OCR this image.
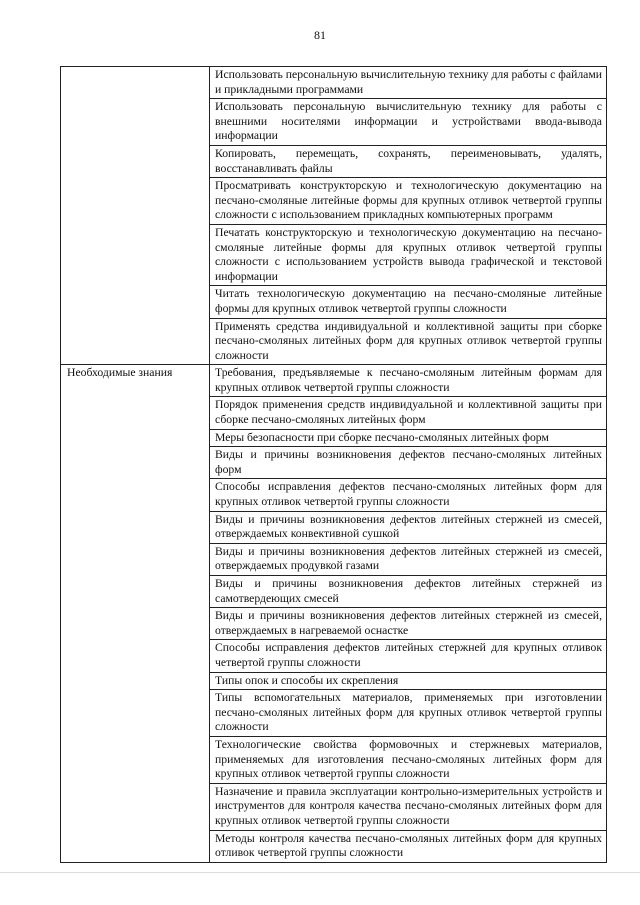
81
	Использовать персональную вычислительную технику для работы с файлами и прикладными программами
	Использовать персональную вычислительную технику для работы с внешними носителями информации и устройствами ввода-вывода информации
	Копировать, перемещать, сохранять, переименовывать, удалять, восстанавливать файлы
	Просматривать конструкторскую и технологическую документацию на песчано-смоляные литейные формы для крупных отливок четвертой группы сложности с использованием прикладных компьютерных программ
	Печатать конструкторскую и технологическую документацию на песчано-смоляные литейные формы для крупных отливок четвертой группы сложности с использованием устройств вывода графической и текстовой информации
	Читать технологическую документацию на песчано-смоляные литейные формы для крупных отливок четвертой группы сложности
	Применять средства индивидуальной и коллективной защиты при сборке песчано-смоляных литейных форм для крупных отливок четвертой группы сложности
Необходимые знания	Требования, предъявляемые к песчано-смоляным литейным формам для крупных отливок четвертой группы сложности
	Порядок применения средств индивидуальной и коллективной защиты при сборке песчано-смоляных литейных форм
	Меры безопасности при сборке песчано-смоляных литейных форм
	Виды и причины возникновения дефектов песчано-смоляных литейных форм
	Способы исправления дефектов песчано-смоляных литейных форм для крупных отливок четвертой группы сложности
	Виды и причины возникновения дефектов литейных стержней из смесей, отверждаемых конвективной сушкой
	Виды и причины возникновения дефектов литейных стержней из смесей, отверждаемых продувкой газами
	Виды и причины возникновения дефектов литейных стержней из самотвердеющих смесей
	Виды и причины возникновения дефектов литейных стержней из смесей, отверждаемых в нагреваемой оснастке
	Способы исправления дефектов литейных стержней для крупных отливок четвертой группы сложности
	Типы опок и способы их скрепления
	Типы вспомогательных материалов, применяемых при изготовлении песчано-смоляных литейных форм для крупных отливок четвертой группы сложности
	Технологические свойства формовочных и стержневых материалов, применяемых для изготовления песчано-смоляных литейных форм для крупных отливок четвертой группы сложности
	Назначение и правила эксплуатации контрольно-измерительных устройств и инструментов для контроля качества песчано-смоляных литейных форм для крупных отливок четвертой группы сложности
	Методы контроля качества песчано-смоляных литейных форм для крупных отливок четвертой группы сложности
